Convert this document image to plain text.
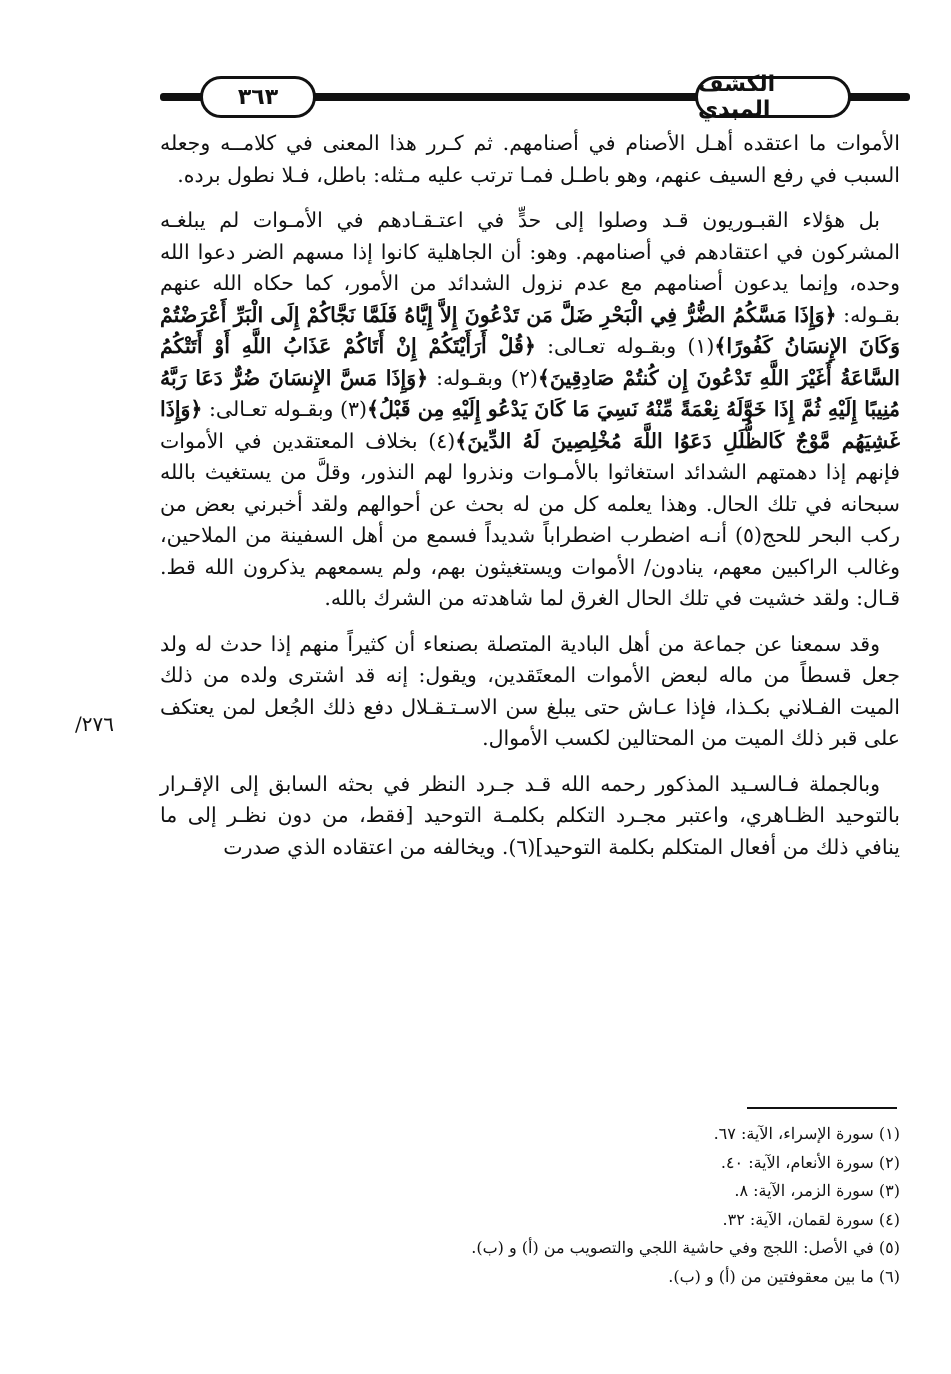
٣٦٣	الكشف المبدي

الأموات ما اعتقده أهـل الأصنام في أصنامهم. ثم كـرر هذا المعنى في كلامــه وجعله السبب في رفع السيف عنهم، وهو باطـل فمـا ترتب عليه مـثله: باطل، فـلا نطول برده.

بل هؤلاء القبـوريون قـد وصلوا إلى حدٍّ في اعتـقـادهم في الأمـوات لم يبلغـه المشركون في اعتقادهم في أصنامهم. وهو: أن الجاهلية كانوا إذا مسهم الضر دعوا الله وحده، وإنما يدعون أصنامهم مع عدم نزول الشدائد من الأمور، كما حكاه الله عنهم بقـوله: ﴿وَإِذَا مَسَّكُمُ الضُّرُّ فِي الْبَحْرِ ضَلَّ مَن تَدْعُونَ إِلاَّ إِيَّاهُ فَلَمَّا نَجَّاكُمْ إِلَى الْبَرِّ أَعْرَضْتُمْ وَكَانَ الإِنسَانُ كَفُورًا﴾(١) وبقـوله تعـالى: ﴿قُلْ أَرَأَيْتَكُمْ إِنْ أَتَاكُمْ عَذَابُ اللَّهِ أَوْ أَتَتْكُمُ السَّاعَةُ أَغَيْرَ اللَّهِ تَدْعُونَ إِن كُنتُمْ صَادِقِينَ﴾(٢) وبقـوله: ﴿وَإِذَا مَسَّ الإِنسَانَ ضُرٌّ دَعَا رَبَّهُ مُنِيبًا إِلَيْهِ ثُمَّ إِذَا خَوَّلَهُ نِعْمَةً مِّنْهُ نَسِيَ مَا كَانَ يَدْعُو إِلَيْهِ مِن قَبْلُ﴾(٣) وبقـوله تعـالى: ﴿وَإِذَا غَشِيَهُم مَّوْجٌ كَالظُّلَلِ دَعَوُا اللَّهَ مُخْلِصِينَ لَهُ الدِّينَ﴾(٤) بخلاف المعتقدين في الأموات فإنهم إذا دهمتهم الشدائد استغاثوا بالأمـوات ونذروا لهم النذور، وقلَّ من يستغيث بالله سبحانه في تلك الحال. وهذا يعلمه كل من له بحث عن أحوالهم ولقد أخبرني بعض من ركب البحر للحج(٥) أنـه اضطرب اضطراباً شديداً فسمع من أهل السفينة من الملاحين، وغالب الراكبين معهم، ينادون/ الأموات ويستغيثون بهم، ولم يسمعهم يذكرون الله قط. قـال: ولقد خشيت في تلك الحال الغرق لما شاهدته من الشرك بالله.

وقد سمعنا عن جماعة من أهل البادية المتصلة بصنعاء أن كثيراً منهم إذا حدث له ولد جعل قسطاً من ماله لبعض الأموات المعتَقدين، ويقول: إنه قد اشترى ولده من ذلك الميت الفـلاني بكـذا، فإذا عـاش حتى يبلغ سن الاسـتـقـلال دفع ذلك الجُعل لمن يعتكف على قبر ذلك الميت من المحتالين لكسب الأموال.

وبالجملة فـالسـيد المذكور رحمه الله قـد جـرد النظر في بحثه السابق إلى الإقـرار بالتوحيد الظـاهري، واعتبر مجـرد التكلم بكلمـة التوحيد [فقط، من دون نظـر إلى ما ينافي ذلك من أفعال المتكلم بكلمة التوحيد](٦). ويخالفه من اعتقاده الذي صدرت

٢٧٦/

(١) سورة الإسراء، الآية: ٦٧.

(٢) سورة الأنعام، الآية: ٤٠.

(٣) سورة الزمر، الآية: ٨.

(٤) سورة لقمان، الآية: ٣٢.

(٥) في الأصل: اللجج وفي حاشية اللجي والتصويب من (أ) و (ب).

(٦) ما بين معقوفتين من (أ) و (ب).
